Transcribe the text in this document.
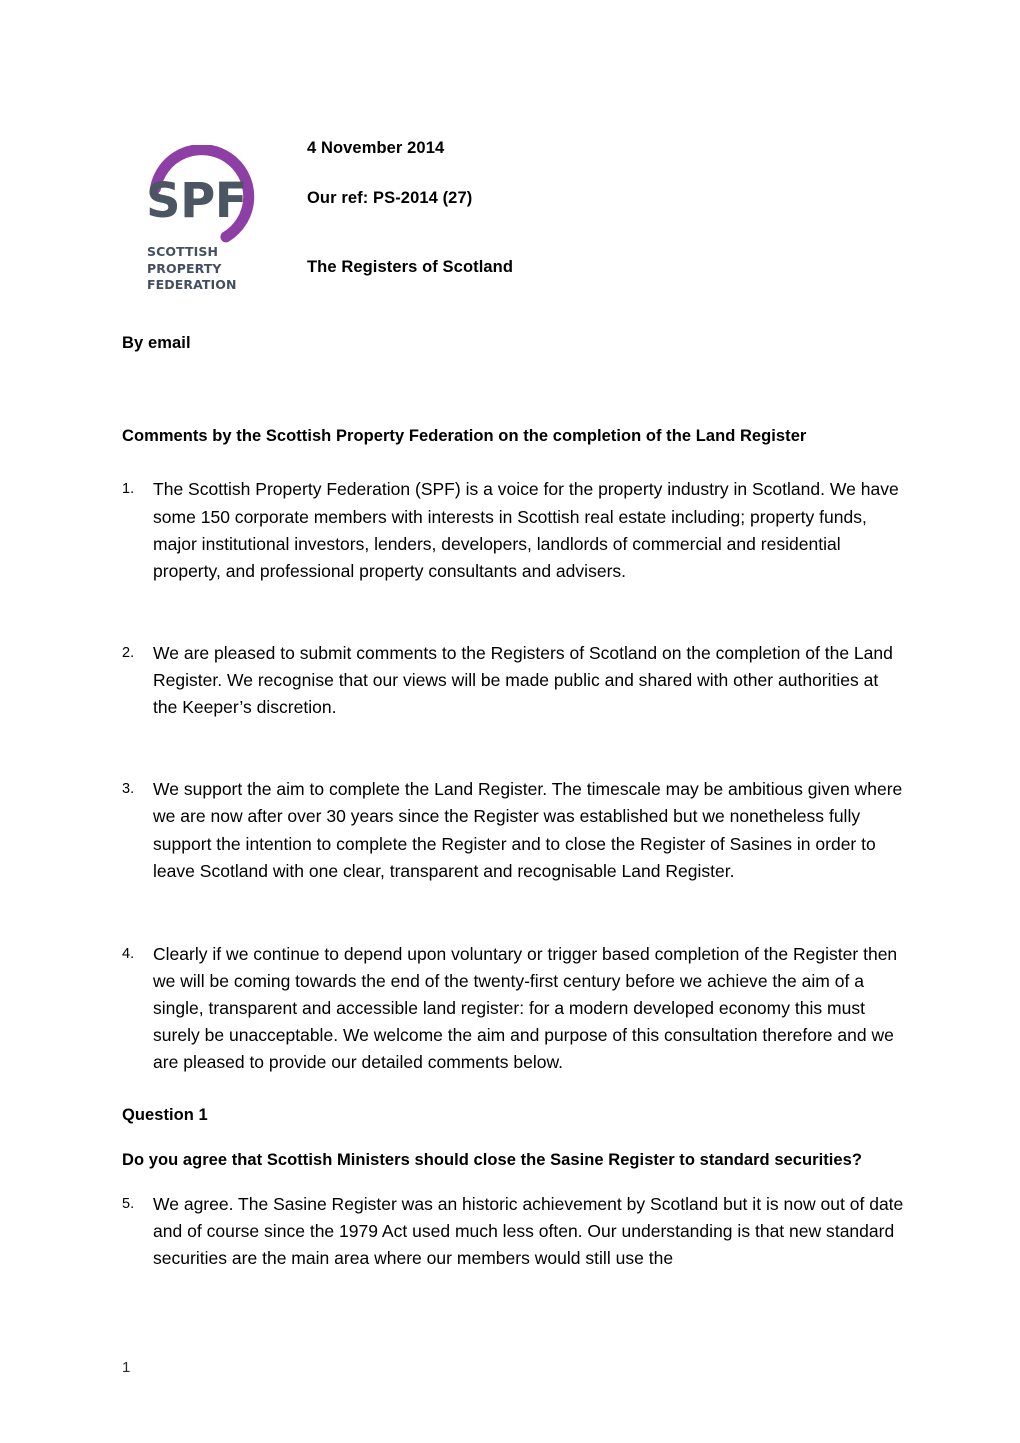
SPF
SCOTTISH PROPERTY FEDERATION
4 November 2014
Our ref: PS-2014 (27)
The Registers of Scotland

By email

Comments by the Scottish Property Federation on the completion of the Land Register

1. The Scottish Property Federation (SPF) is a voice for the property industry in Scotland. We have some 150 corporate members with interests in Scottish real estate including; property funds, major institutional investors, lenders, developers, landlords of commercial and residential property, and professional property consultants and advisers.
2. We are pleased to submit comments to the Registers of Scotland on the completion of the Land Register. We recognise that our views will be made public and shared with other authorities at the Keeper’s discretion.
3. We support the aim to complete the Land Register. The timescale may be ambitious given where we are now after over 30 years since the Register was established but we nonetheless fully support the intention to complete the Register and to close the Register of Sasines in order to leave Scotland with one clear, transparent and recognisable Land Register.
4. Clearly if we continue to depend upon voluntary or trigger based completion of the Register then we will be coming towards the end of the twenty-first century before we achieve the aim of a single, transparent and accessible land register: for a modern developed economy this must surely be unacceptable. We welcome the aim and purpose of this consultation therefore and we are pleased to provide our detailed comments below.

Question 1

Do you agree that Scottish Ministers should close the Sasine Register to standard securities?

5. We agree. The Sasine Register was an historic achievement by Scotland but it is now out of date and of course since the 1979 Act used much less often. Our understanding is that new standard securities are the main area where our members would still use the
1
